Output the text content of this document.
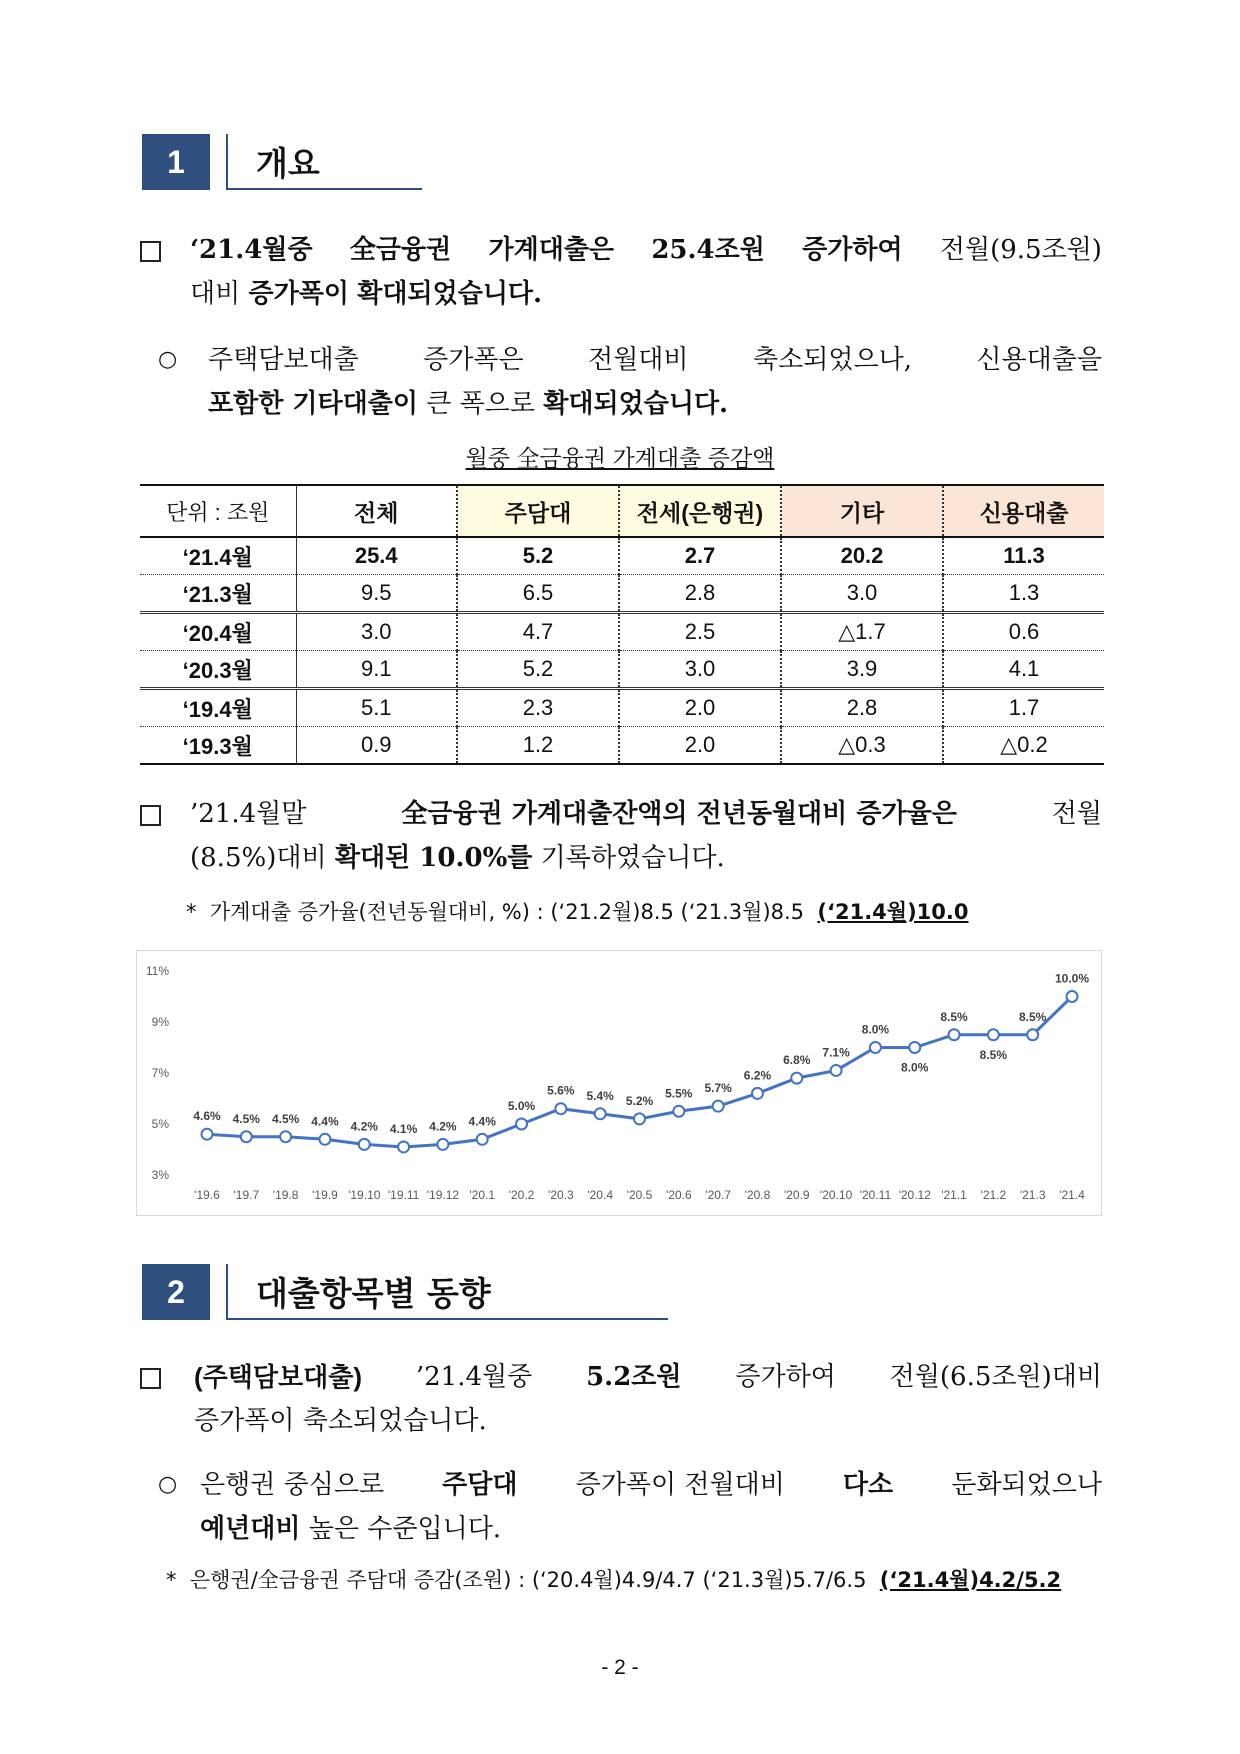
1	개요
‘21.4월중 全금융권 가계대출은 25.4조원 증가하여 전월(9.5조원)
대비 증가폭이 확대되었습니다.
○ 주택담보대출 증가폭은 전월대비 축소되었으나, 신용대출을
포함한 기타대출이 큰 폭으로 확대되었습니다.
월중 全금융권 가계대출 증감액
단위 : 조원	전체	주담대	전세(은행권)	기타	신용대출
‘21.4월	25.4	5.2	2.7	20.2	11.3
‘21.3월	9.5	6.5	2.8	3.0	1.3
‘20.4월	3.0	4.7	2.5	△1.7	0.6
‘20.3월	9.1	5.2	3.0	3.9	4.1
‘19.4월	5.1	2.3	2.0	2.8	1.7
‘19.3월	0.9	1.2	2.0	△0.3	△0.2
’21.4월말	全금융권 가계대출잔액의 전년동월대비 증가율은	전월
(8.5%)대비 확대된 10.0%를 기록하였습니다.
* 가계대출 증가율(전년동월대비, %) : (‘21.2월)8.5 (‘21.3월)8.5 (‘21.4월)10.0
11%
9%
7%
5%
3%
'19.6 '19.7 '19.8 '19.9 '19.10 '19.11 '19.12 '20.1 '20.2 '20.3 '20.4 '20.5 '20.6 '20.7 '20.8 '20.9 '20.10 '20.11 '20.12 '21.1 '21.2 '21.3 '21.4
4.6% 4.5% 4.5% 4.4% 4.2% 4.1% 4.2% 4.4%
5.0%
5.6% 5.4% 5.2%
5.5% 5.7%
6.2%
6.8%
7.1%
8.0%
8.0%
8.5%
8.5%
8.5%
10.0%
2	대출항목별 동향
(주택담보대출) ’21.4월중 5.2조원 증가하여 전월(6.5조원)대비
증가폭이 축소되었습니다.
○ 은행권 중심으로 주담대 증가폭이 전월대비 다소 둔화되었으나
예년대비 높은 수준입니다.
* 은행권/全금융권 주담대 증감(조원) : (‘20.4월)4.9/4.7 (‘21.3월)5.7/6.5 (‘21.4월)4.2/5.2
- 2 -
